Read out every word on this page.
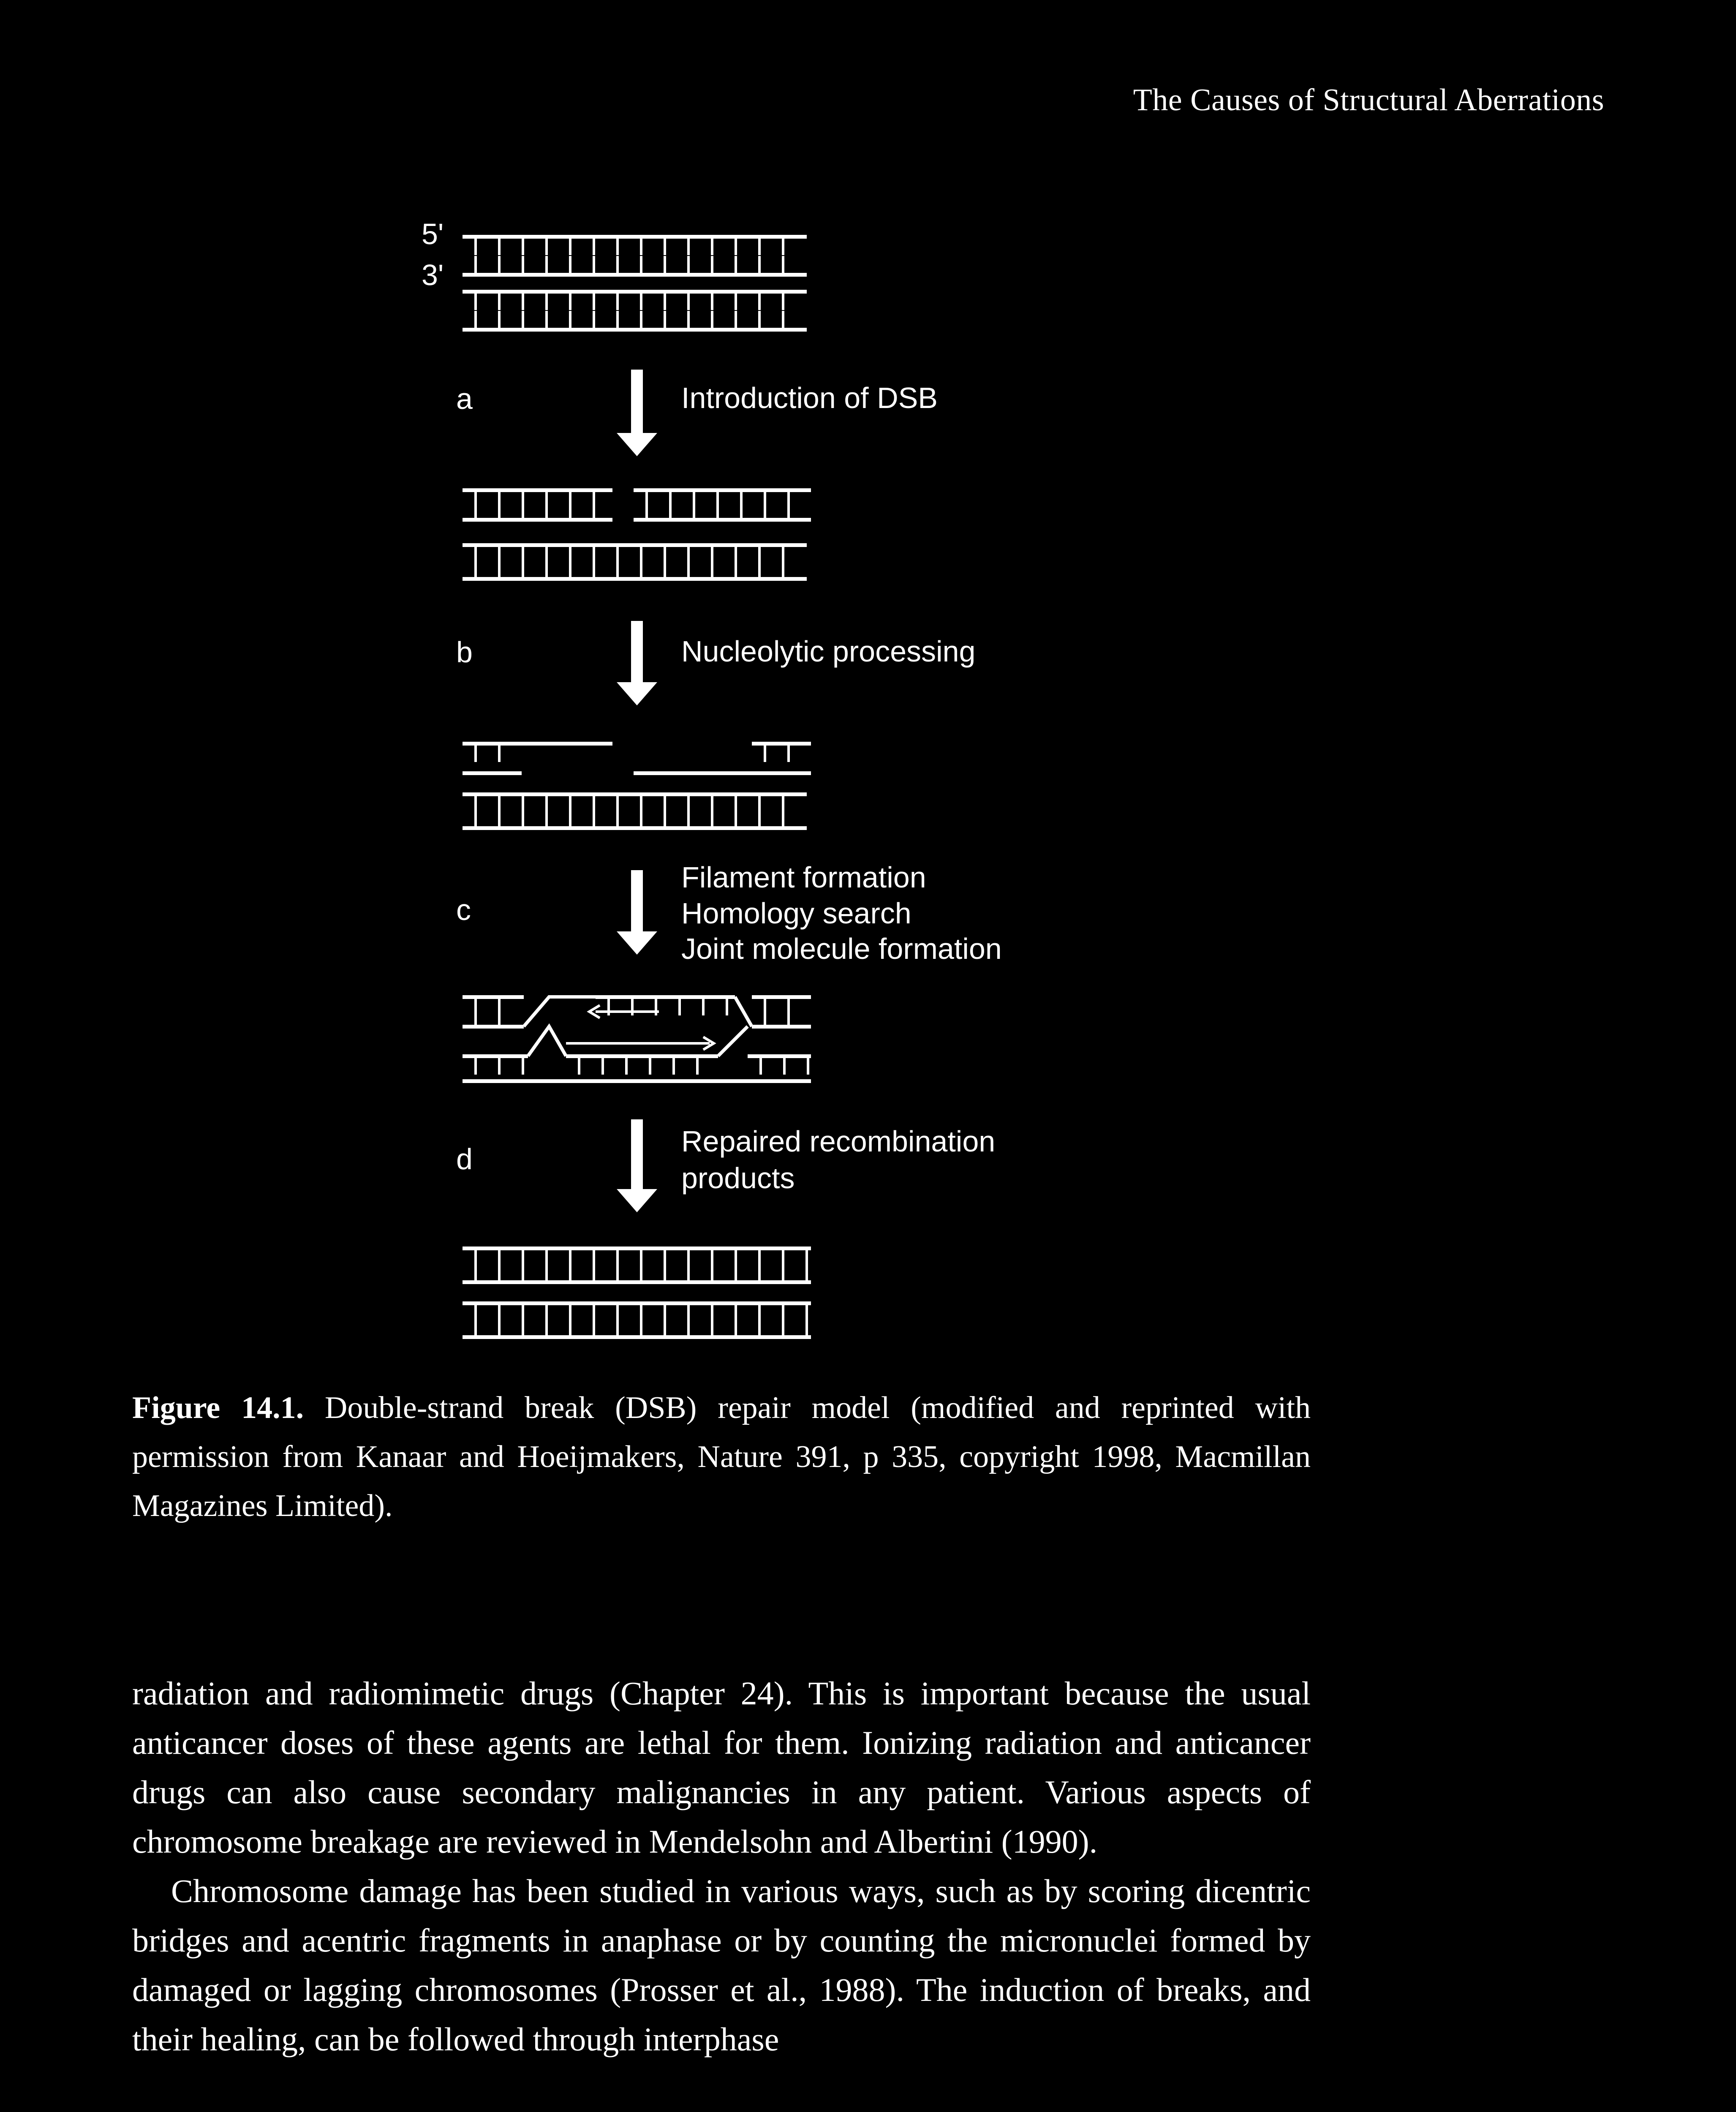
The Causes of Structural Aberrations
5'
3'
a
b
c
d
Introduction of DSB
Nucleolytic processing
Filament formation
Homology search
Joint molecule formation
Repaired recombination
products
Figure 14.1. Double-strand break (DSB) repair model (modified and reprinted with permission from Kanaar and Hoeijmakers, Nature 391, p 335, copyright 1998, Macmillan Magazines Limited).

radiation and radiomimetic drugs (Chapter 24). This is important because the usual anticancer doses of these agents are lethal for them. Ionizing radiation and anticancer drugs can also cause secondary malignancies in any patient. Various aspects of chromosome breakage are reviewed in Mendelsohn and Albertini (1990).

Chromosome damage has been studied in various ways, such as by scoring dicentric bridges and acentric fragments in anaphase or by counting the micronuclei formed by damaged or lagging chromosomes (Prosser et al., 1988). The induction of breaks, and their healing, can be followed through interphase
